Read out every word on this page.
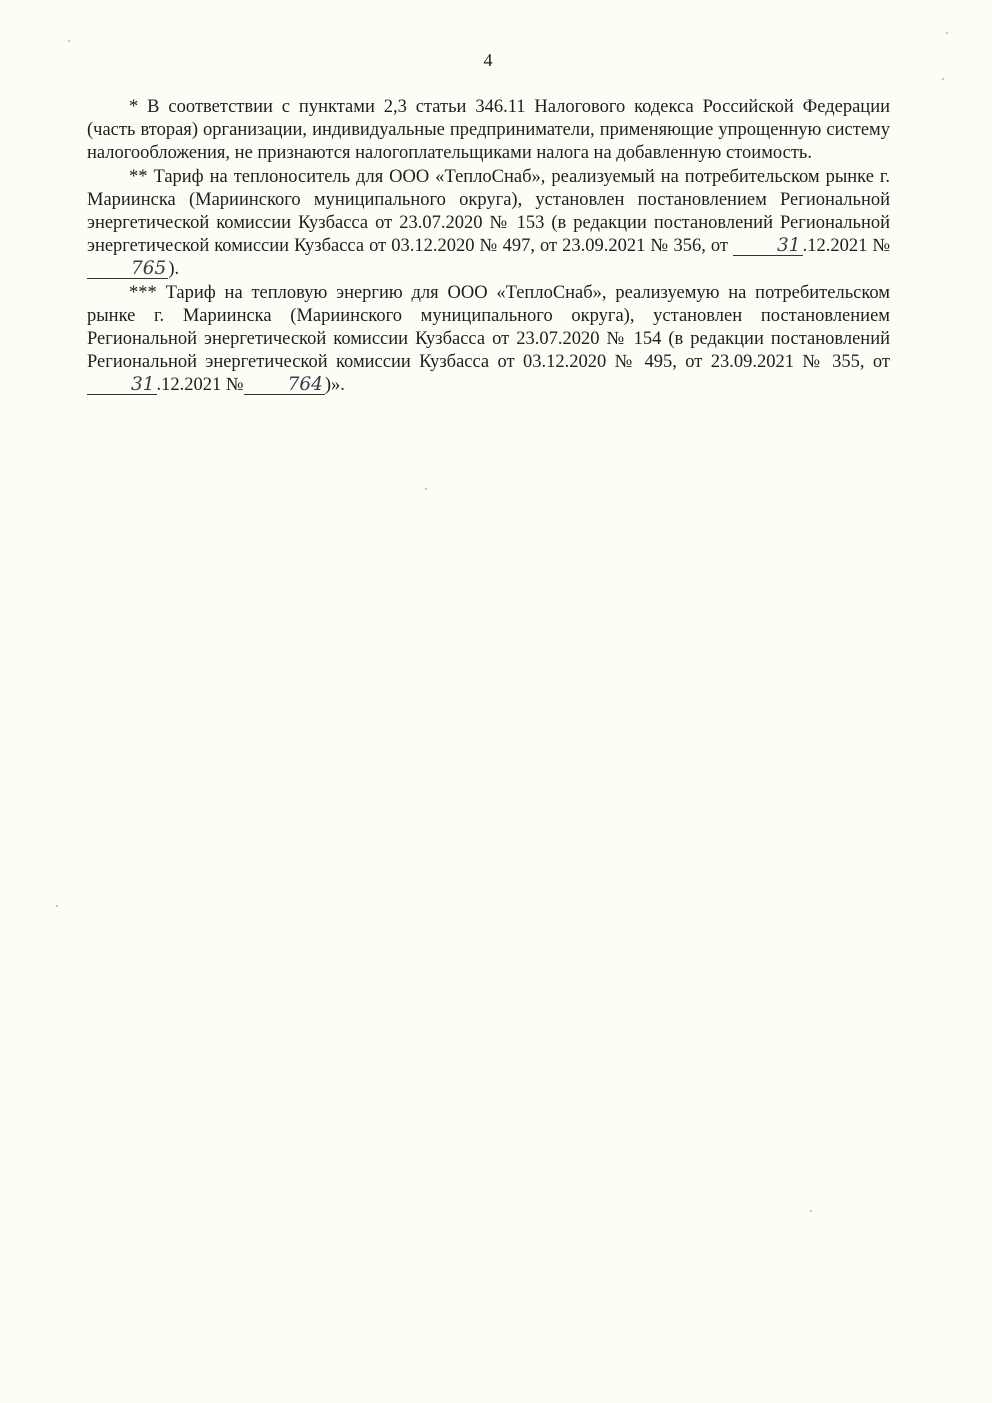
4

* В соответствии с пунктами 2,3 статьи 346.11 Налогового кодекса Российской Федерации (часть вторая) организации, индивидуальные предприниматели, применяющие упрощенную систему налогообложения, не признаются налогоплательщиками налога на добавленную стоимость.

** Тариф на теплоноситель для ООО «ТеплоСнаб», реализуемый на потребительском рынке г. Мариинска (Мариинского муниципального округа), установлен постановлением Региональной энергетической комиссии Кузбасса от 23.07.2020 № 153 (в редакции постановлений Региональной энергетической комиссии Кузбасса от 03.12.2020 № 497, от 23.09.2021 № 356, от	31 .12.2021 №765 ).

*** Тариф на тепловую энергию для ООО «ТеплоСнаб», реализуемую на потребительском рынке г. Мариинска (Мариинского муниципального округа), установлен постановлением Региональной энергетической комиссии Кузбасса от 23.07.2020 № 154 (в редакции постановлений Региональной энергетической комиссии Кузбасса от 03.12.2020 № 495, от 23.09.2021 № 355, от 31 .12.2021 № 764 )».
